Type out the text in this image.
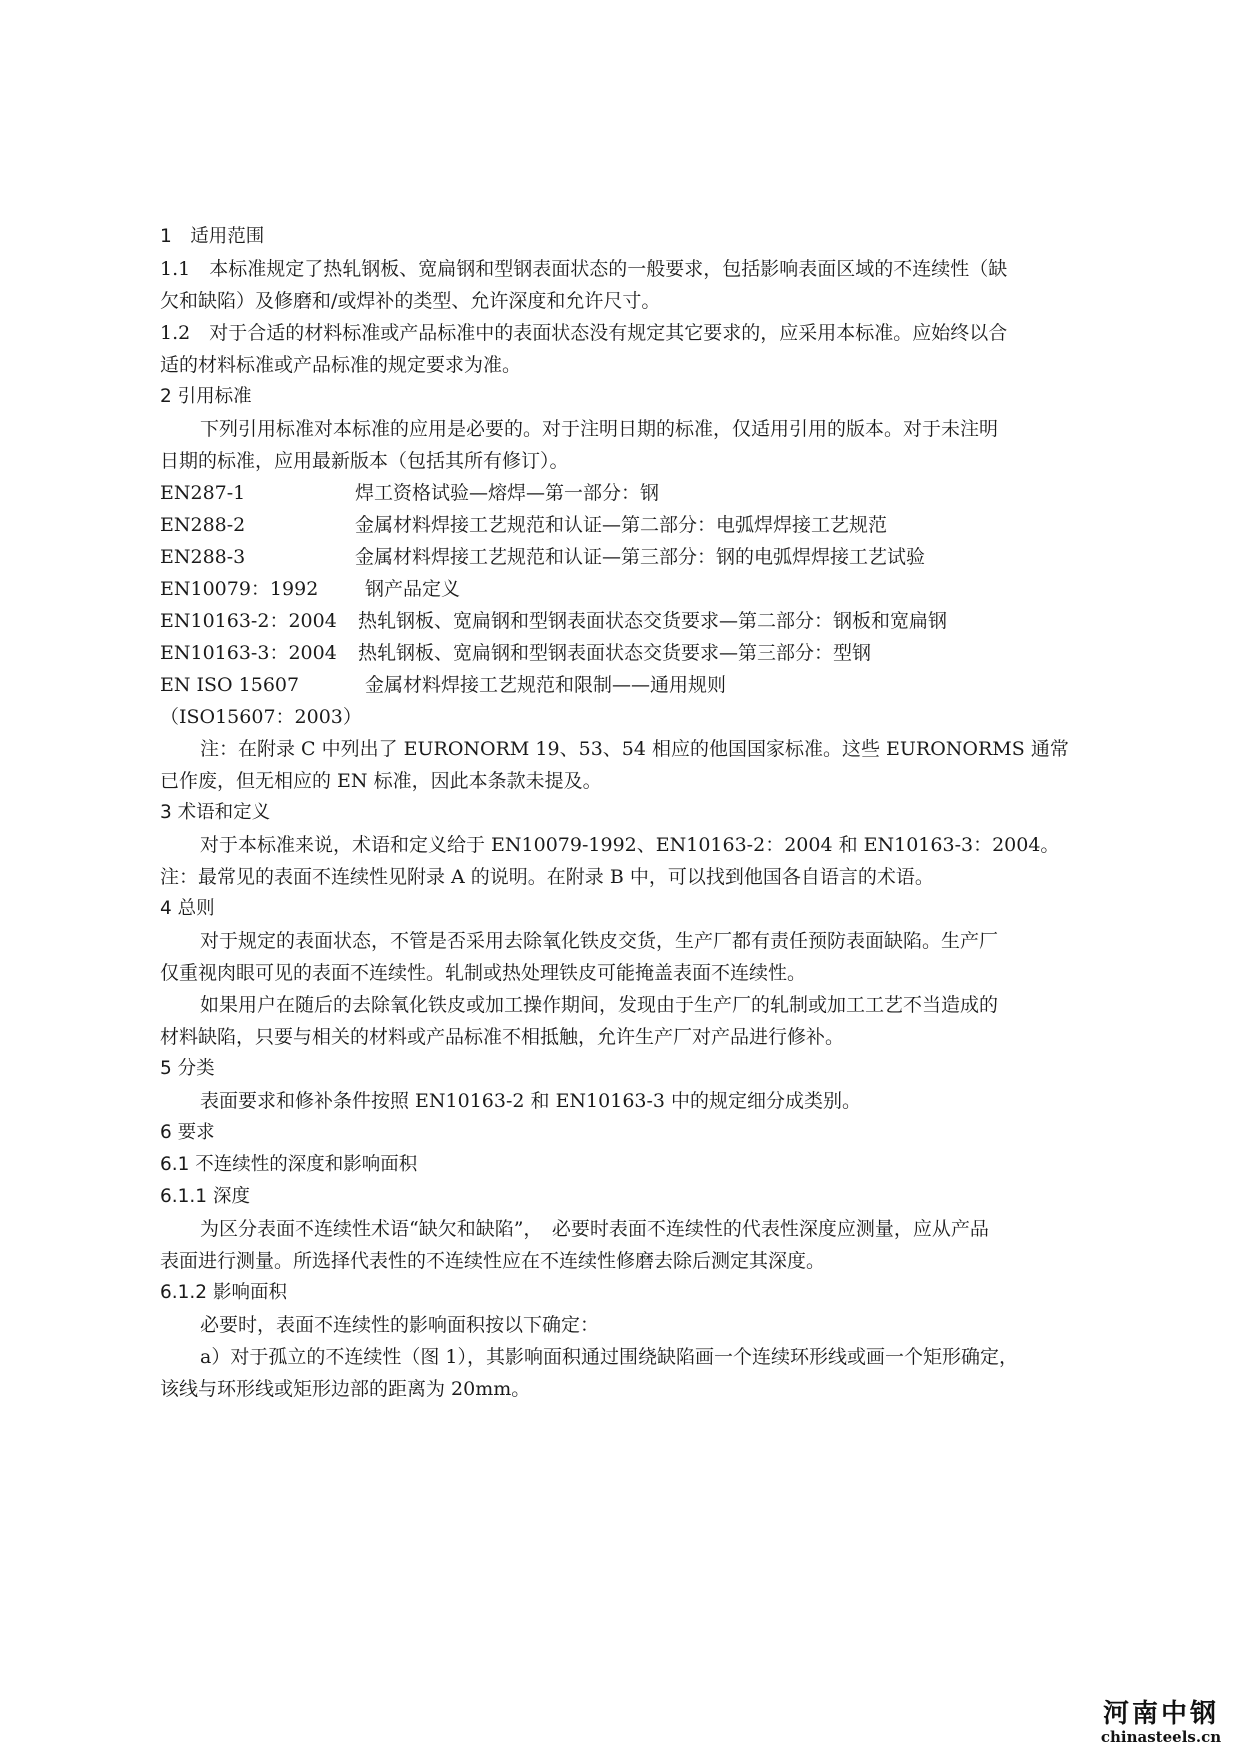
1　适用范围
1.1　本标准规定了热轧钢板、宽扁钢和型钢表面状态的一般要求，包括影响表面区域的不连续性（缺
欠和缺陷）及修磨和/或焊补的类型、允许深度和允许尺寸。
1.2　对于合适的材料标准或产品标准中的表面状态没有规定其它要求的，应采用本标准。应始终以合
适的材料标准或产品标准的规定要求为准。
2 引用标准
下列引用标准对本标准的应用是必要的。对于注明日期的标准，仅适用引用的版本。对于未注明
日期的标准，应用最新版本（包括其所有修订）。
EN287-1	焊工资格试验—熔焊—第一部分：钢
EN288-2	金属材料焊接工艺规范和认证—第二部分：电弧焊焊接工艺规范
EN288-3	金属材料焊接工艺规范和认证—第三部分：钢的电弧焊焊接工艺试验
EN10079：1992 钢产品定义
EN10163-2：2004 热轧钢板、宽扁钢和型钢表面状态交货要求—第二部分：钢板和宽扁钢
EN10163-3：2004 热轧钢板、宽扁钢和型钢表面状态交货要求—第三部分：型钢
EN ISO 15607	金属材料焊接工艺规范和限制——通用规则
（ISO15607：2003）
注：在附录 C 中列出了 EURONORM 19、53、54 相应的他国国家标准。这些 EURONORMS 通常
已作废，但无相应的 EN 标准，因此本条款未提及。
3 术语和定义
对于本标准来说，术语和定义给于 EN10079-1992、EN10163-2：2004 和 EN10163-3：2004。
注：最常见的表面不连续性见附录 A 的说明。在附录 B 中，可以找到他国各自语言的术语。
4 总则
对于规定的表面状态，不管是否采用去除氧化铁皮交货，生产厂都有责任预防表面缺陷。生产厂
仅重视肉眼可见的表面不连续性。轧制或热处理铁皮可能掩盖表面不连续性。
如果用户在随后的去除氧化铁皮或加工操作期间，发现由于生产厂的轧制或加工工艺不当造成的
材料缺陷，只要与相关的材料或产品标准不相抵触，允许生产厂对产品进行修补。
5 分类
表面要求和修补条件按照 EN10163-2 和 EN10163-3 中的规定细分成类别。
6 要求
6.1 不连续性的深度和影响面积
6.1.1 深度
为区分表面不连续性术语“缺欠和缺陷”，　必要时表面不连续性的代表性深度应测量，应从产品
表面进行测量。所选择代表性的不连续性应在不连续性修磨去除后测定其深度。
6.1.2 影响面积
必要时，表面不连续性的影响面积按以下确定：
a）对于孤立的不连续性（图 1），其影响面积通过围绕缺陷画一个连续环形线或画一个矩形确定，
该线与环形线或矩形边部的距离为 20mm。
河南中钢
chinasteels.cn
